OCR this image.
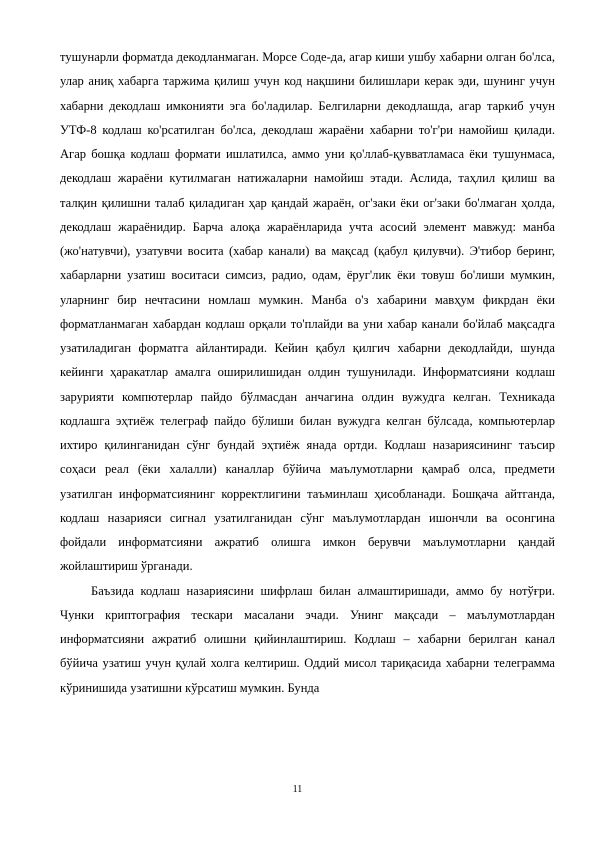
тушунарли форматда декодланмаган. Морсе Соде-да, агар киши ушбу хабарни олган бо'лса, улар аниқ хабарга таржима қилиш учун код нақшини билишлари керак эди, шунинг учун хабарни декодлаш имконияти эга бо'ладилар. Белгиларни декодлашда, агар таркиб учун УТФ-8 кодлаш ко'рсатилган бо'лса, декодлаш жараёни хабарни то'г'ри намойиш қилади. Агар бошқа кодлаш формати ишлатилса, аммо уни қо'ллаб-қувватламаса ёки тушунмаса, декодлаш жараёни кутилмаган натижаларни намойиш этади. Аслида, таҳлил қилиш ва талқин қилишни талаб қиладиган ҳар қандай жараён, ог'заки ёки ог'заки бо'лмаган ҳолда, декодлаш жараёнидир. Барча алоқа жараёнларида учта асосий элемент мавжуд: манба (жо'натувчи), узатувчи восита (хабар канали) ва мақсад (қабул қилувчи). Э'тибор беринг, хабарларни узатиш воситаси симсиз, радио, одам, ёруг'лик ёки товуш бо'лиши мумкин, уларнинг бир нечтасини номлаш мумкин. Манба о'з хабарини мавҳум фикрдан ёки форматланмаган хабардан кодлаш орқали то'плайди ва уни хабар канали бо'йлаб мақсадга узатиладиган форматга айлантиради. Кейин қабул қилгич хабарни декодлайди, шунда кейинги ҳаракатлар амалга оширилишидан олдин тушунилади. Информатсияни кодлаш зарурияти компютерлар пайдо бўлмасдан анчагина олдин вужудга келган. Техникада кодлашга эҳтиёж телеграф пайдо бўлиши билан вужудга келган бўлсада, компьютерлар ихтиро қилинганидан сўнг бундай эҳтиёж янада ортди. Кодлаш назариясининг таъсир соҳаси реал (ёки халалли) каналлар бўйича маълумотларни қамраб олса, предмети узатилган информатсиянинг корректлигини таъминлаш ҳисобланади. Бошқача айтганда, кодлаш назарияси сигнал узатилганидан сўнг маълумотлардан ишончли ва осонгина фойдали информатсияни ажратиб олишга имкон берувчи маълумотларни қандай жойлаштириш ўрганади.

Баъзида кодлаш назариясини шифрлаш билан алмаштиришади, аммо бу нотўғри. Чунки криптография тескари масалани эчади. Унинг мақсади – маълумотлардан информатсияни ажратиб олишни қийинлаштириш. Кодлаш – хабарни берилган канал бўйича узатиш учун қулай холга келтириш. Оддий мисол тариқасида хабарни телеграмма кўринишида узатишни кўрсатиш мумкин. Бунда

11
